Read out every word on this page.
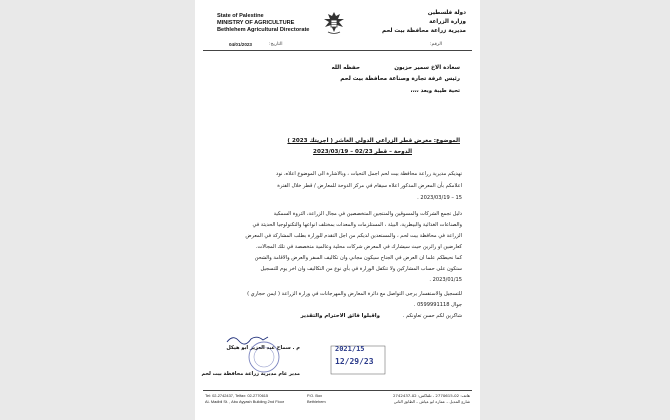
State of Palestine
MINISTRY OF AGRICULTURE
Bethlehem Agricultural Directorate
دولة فلسطين
وزارة الزراعة
مديرية زراعة محافظة بيت لحم
04/01/2023	التاريخ:	الرقم:
حفظه الله	سعادة الاخ سمير حزبون
رئيس غرفة تجارة وصناعة محافظة بيت لحم
تحية طيبة وبعد ،،،،
الموضوع: معرض قطر الزراعي الدولي العاشر ( اجريتك 2023 )
الدوحة – قطر 02/23 – 2023/03/19
تهديكم مديرية زراعة محافظة بيت لحم اجمل التحيات ، وبالاشارة الى الموضوع اعلاه، نود
اعلامكم بأن المعرض المذكور اعلاه سيقام في مركز الدوحة للمعارض / قطر خلال الفترة
15 – 2023/03/19 .
دليل تجمع الشركات والمسوقين والمنتجين المتخصصين في مجال الزراعة، الثروة السمكية
والصناعات الغذائية والبيطرية، البيئة ، المستلزمات والمعدات بمختلف انواعها والتكنولوجيا الحديثة في
الزراعة في محافظة بيت لحم ، والمستعدين لديكم من اجل التقدم للوزارة بطلب المشاركة في المعرض
كعارضين او زائرين حيث سيشارك في المعرض شركات محلية وعالمية متخصصة في تلك المجالات.
كما نحيطكم علما ان العرض في الجناح سيكون مجاني وان تكاليف السفر والعرض والاقامة والشحن
ستكون على حساب المشاركين ولا تتكفل الوزارة في بأي نوع من التكاليف وان اخر يوم للتسجيل
2023/01/15 .
للتسجيل والاستفسار يرجى التواصل مع دائرة المعارض والمهرجانات في وزارة الزراعة ( ايمن حجازي )
جوال 0599991118 .
شاكرين لكم حسن تعاونكم .
واقبلوا فائق الاحترام والتقدير
م . سماح عبد العزيز ابو هيكل
مدير عام مديرية زراعة محافظة بيت لحم
2021/15
12/29/23
Tel: 02-2742437, Telfax: 02-2770615
Al- Madbil St. , Abu Ayyash Building 2nd Floor
P.O. Box
Bethlehem
هاتف: 02-2770615 - تلفاكس: 02-2742437
شارع المدبل – عمارة ابو عياش – الطابق الثاني
